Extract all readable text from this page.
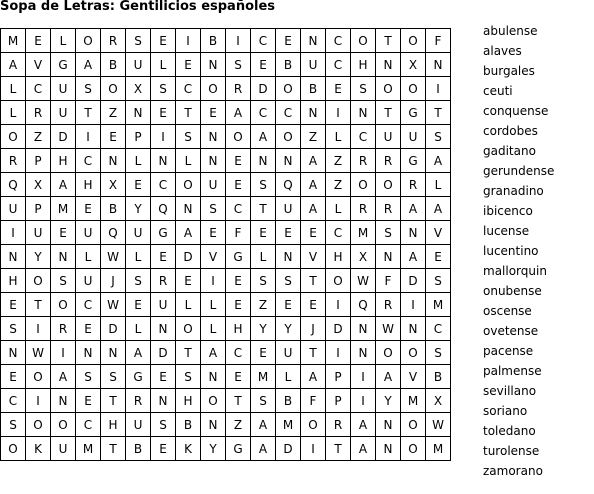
Sopa de Letras: Gentilicios españoles
M	E	L	O	R	S	E	I	B	I	C	E	N	C	O	T	O	F
A	V	G	A	B	U	L	E	N	S	E	B	U	C	H	N	X	N
L	C	U	S	O	X	S	C	O	R	D	O	B	E	S	O	O	I
L	R	U	T	Z	N	E	T	E	A	C	C	N	I	N	T	G	T
O	Z	D	I	E	P	I	S	N	O	A	O	Z	L	C	U	U	S
R	P	H	C	N	L	N	L	N	E	N	N	A	Z	R	R	G	A
Q	X	A	H	X	E	C	O	U	E	S	Q	A	Z	O	O	R	L
U	P	M	E	B	Y	Q	N	S	C	T	U	A	L	R	R	A	A
I	U	E	U	Q	U	G	A	E	F	E	E	E	C	M	S	N	V
N	Y	N	L	W	L	E	D	V	G	L	N	V	H	X	N	A	E
H	O	S	U	J	S	R	E	I	E	S	S	T	O	W	F	D	S
E	T	O	C	W	E	U	L	L	E	Z	E	E	I	Q	R	I	M
S	I	R	E	D	L	N	O	L	H	Y	Y	J	D	N	W	N	C
N	W	I	N	N	A	D	T	A	C	E	U	T	I	N	O	O	S
E	O	A	S	S	G	E	S	N	E	M	L	A	P	I	A	V	B
C	I	N	E	T	R	N	H	O	T	S	B	F	P	I	Y	M	X
S	O	O	C	H	U	S	B	N	Z	A	M	O	R	A	N	O	W
O	K	U	M	T	B	E	K	Y	G	A	D	I	T	A	N	O	M
abulense
alaves
burgales
ceuti
conquense
cordobes
gaditano
gerundense
granadino
ibicenco
lucense
lucentino
mallorquin
onubense
oscense
ovetense
pacense
palmense
sevillano
soriano
toledano
turolense
zamorano
